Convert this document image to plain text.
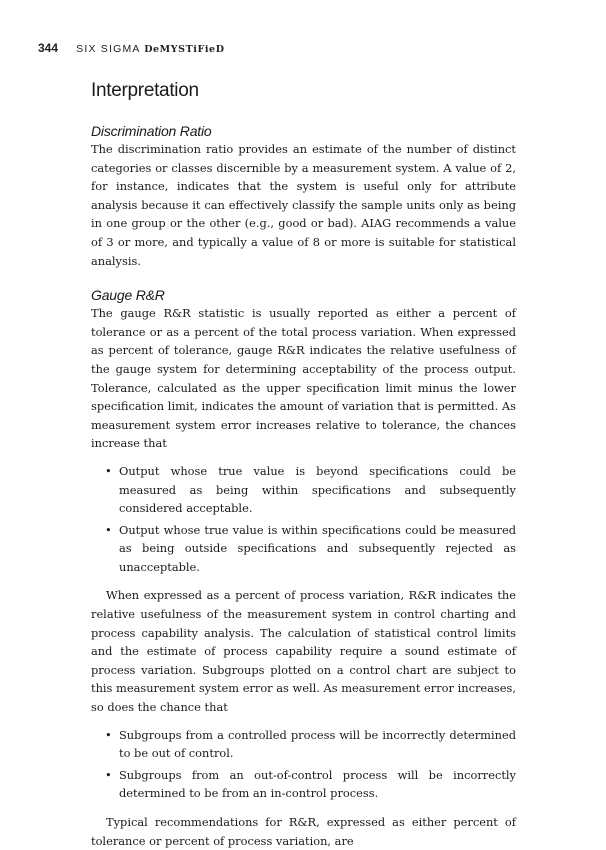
344 SIX SIGMA DeMYSTiFieD
Interpretation
Discrimination Ratio

The discrimination ratio provides an estimate of the number of distinct categories or classes discernible by a measurement system. A value of 2, for instance, indicates that the system is useful only for attribute analysis because it can effectively classify the sample units only as being in one group or the other (e.g., good or bad). AIAG recommends a value of 3 or more, and typically a value of 8 or more is suitable for statistical analysis.

Gauge R&R

The gauge R&R statistic is usually reported as either a percent of tolerance or as a percent of the total process variation. When expressed as percent of tolerance, gauge R&R indicates the relative usefulness of the gauge system for determining acceptability of the process output. Tolerance, calculated as the upper specification limit minus the lower specification limit, indicates the amount of variation that is permitted. As measurement system error increases relative to tolerance, the chances increase that

• Output whose true value is beyond specifications could be measured as being within specifications and subsequently considered acceptable.
• Output whose true value is within specifications could be measured as being outside specifications and subsequently rejected as unacceptable.

When expressed as a percent of process variation, R&R indicates the relative usefulness of the measurement system in control charting and process capability analysis. The calculation of statistical control limits and the estimate of process capability require a sound estimate of process variation. Subgroups plotted on a control chart are subject to this measurement system error as well. As measurement error increases, so does the chance that

• Subgroups from a controlled process will be incorrectly determined to be out of control.
• Subgroups from an out-of-control process will be incorrectly determined to be from an in-control process.

Typical recommendations for R&R, expressed as either percent of tolerance or percent of process variation, are
